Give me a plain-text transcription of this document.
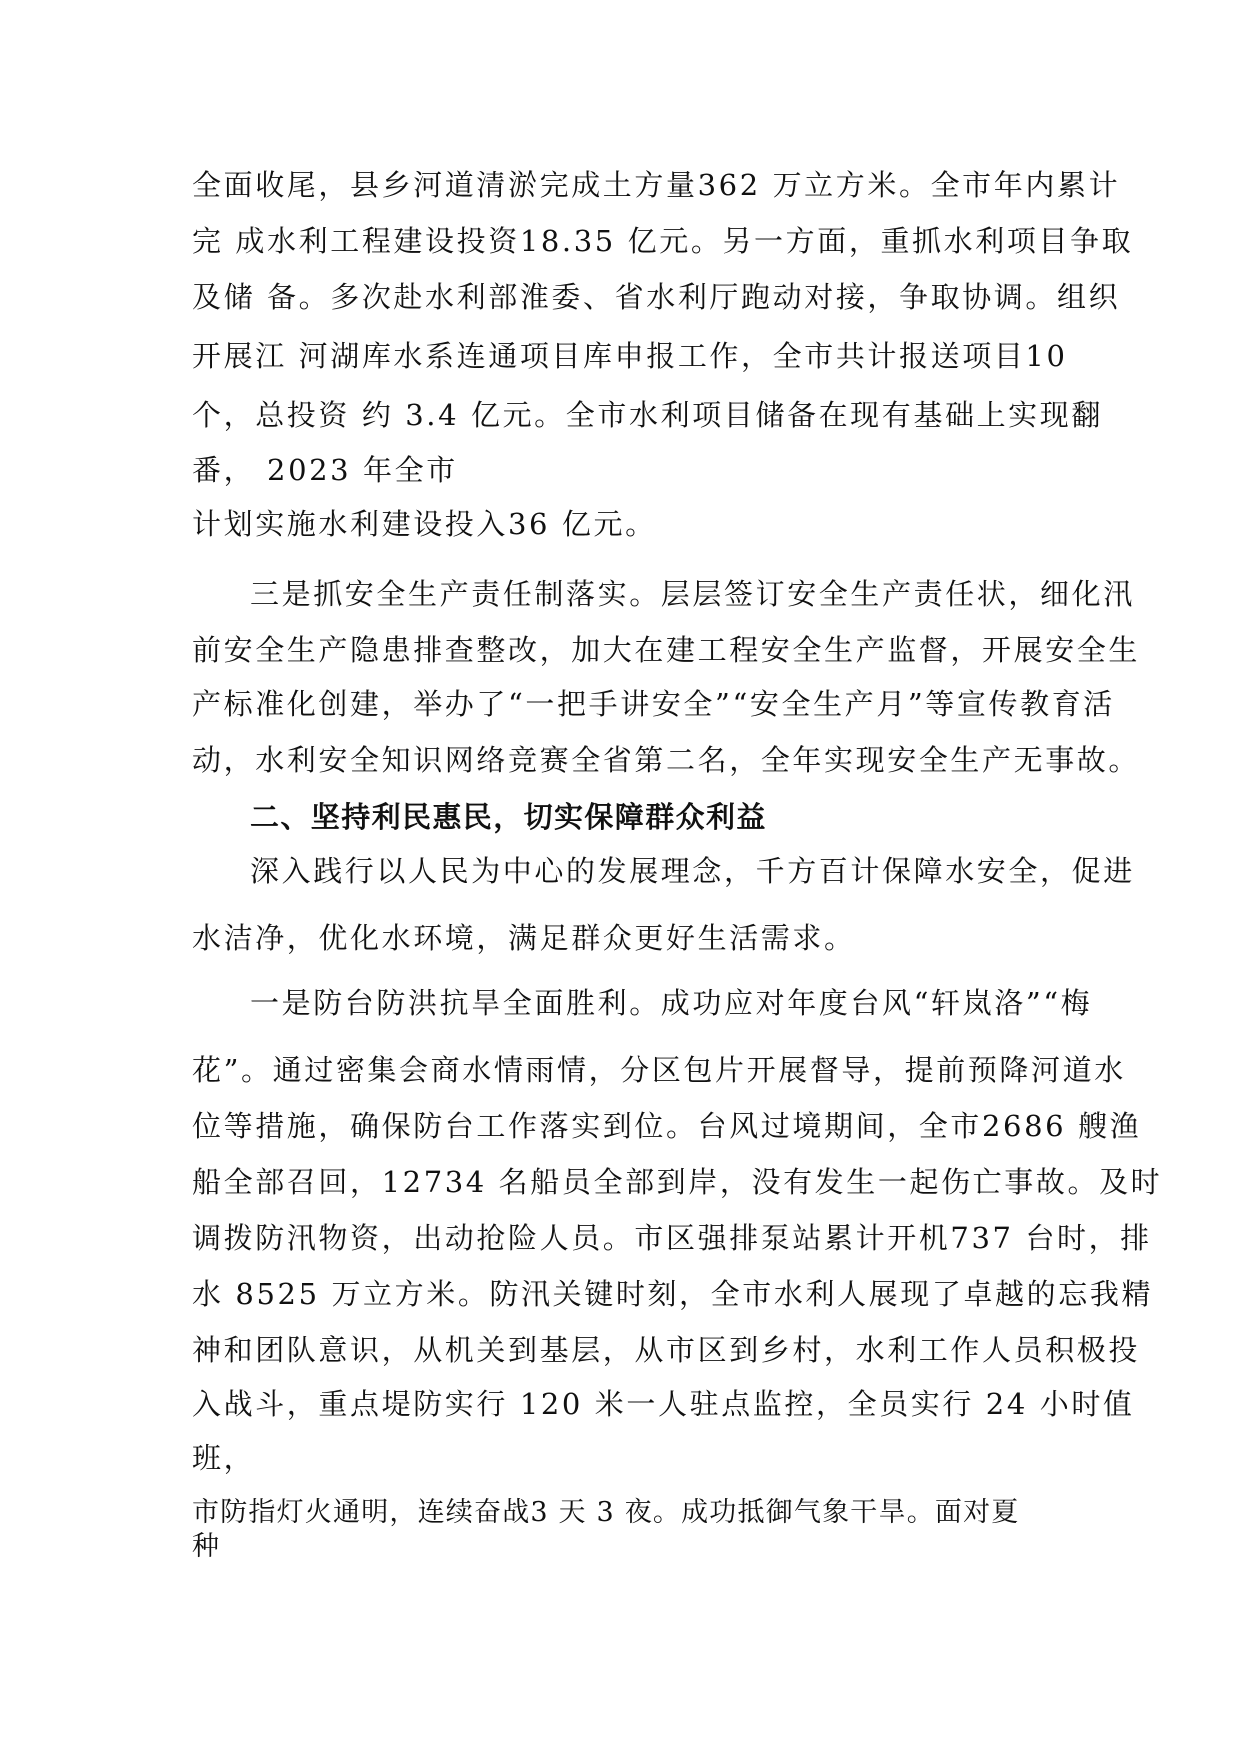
全面收尾，县乡河道清淤完成土方量362 万立方米。全市年内累计
完 成水利工程建设投资18.35 亿元。另一方面，重抓水利项目争取
及储 备。多次赴水利部淮委、省水利厅跑动对接，争取协调。组织
开展江 河湖库水系连通项目库申报工作，全市共计报送项目10
个，总投资 约 3.4 亿元。全市水利项目储备在现有基础上实现翻
番， 2023 年全市
计划实施水利建设投入36 亿元。
三是抓安全生产责任制落实。层层签订安全生产责任状，细化汛
前安全生产隐患排查整改，加大在建工程安全生产监督，开展安全生
产标准化创建，举办了“一把手讲安全”“安全生产月”等宣传教育活
动，水利安全知识网络竞赛全省第二名，全年实现安全生产无事故。
二、坚持利民惠民，切实保障群众利益
深入践行以人民为中心的发展理念，千方百计保障水安全，促进
水洁净，优化水环境，满足群众更好生活需求。
一是防台防洪抗旱全面胜利。成功应对年度台风“轩岚洛”“梅
花”。通过密集会商水情雨情，分区包片开展督导，提前预降河道水
位等措施，确保防台工作落实到位。台风过境期间，全市2686 艘渔
船全部召回，12734 名船员全部到岸，没有发生一起伤亡事故。及时
调拨防汛物资，出动抢险人员。市区强排泵站累计开机737 台时，排
水 8525 万立方米。防汛关键时刻，全市水利人展现了卓越的忘我精
神和团队意识，从机关到基层，从市区到乡村，水利工作人员积极投
入战斗，重点堤防实行 120 米一人驻点监控，全员实行 24 小时值
班，
市防指灯火通明，连续奋战3 天 3 夜。成功抵御气象干旱。面对夏
种
